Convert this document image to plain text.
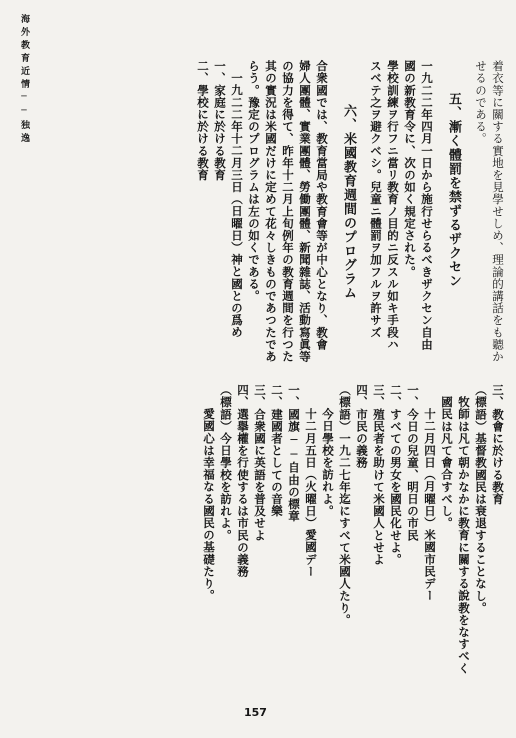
海外教育近情──独逸	着衣等に關する實地を見學せしめ、理論的講話をも聽か
せるのである。
五、漸く體罰を禁ずるザクセン
一九二二年四月一日から施行せらるべきザクセン自由
國の新教育令に、次の如く規定された。
學校訓練ヲ行フニ當リ教育ノ目的ニ反スル如キ手段ハ
スベテ之ヲ避クベシ。兒童ニ體罰ヲ加フルヲ許サズ
六、米國教育週間のプログラム
合衆國では、教育當局や教育會等が中心となり、教會
婦人團體、實業團體、勞働團體、新聞雜誌、活動寫眞等
の協力を得て、昨年十二月上旬例年の教育週間を行つた
其の實況は米國だけに定めて花々しきものであつたであ
らう。豫定のプログラムは左の如くである。
一九二二年十二月三日（日曜日）神と國との爲め
一、家庭に於ける教育
二、學校に於ける教育
三、教會に於ける教育
（標語）基督教國民は衰退することなし。
牧師は凡て朝かなかに教育に關する說教をなすべく
國民は凡て會合すべし。
十二月四日（月曜日）米國市民デー
一、今日の兒童、明日の市民
二、すべての男女を國民化せよ。
三、殖民者を助けて米國人とせよ
四、市民の義務
（標語）一九二七年迄にすべて米國人たり。
今日學校を訪れよ。
十二月五日（火曜日）愛國デー
一、國旗──自由の標章
二、建國者としての音樂
三、合衆國に英語を普及せよ
四、選擧權を行使するは市民の義務
（標語）今日學校を訪れよ。
愛國心は幸福なる國民の基礎たり。
157
